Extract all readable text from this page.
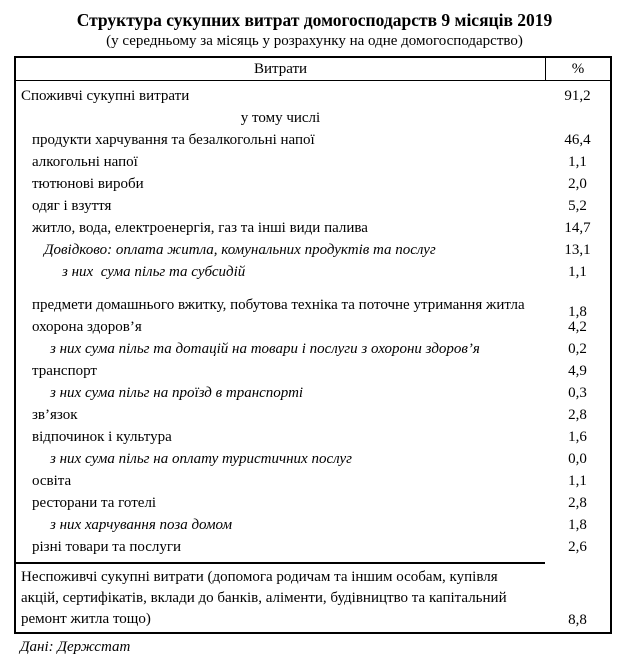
Структура сукупних витрат домогосподарств 9 місяців 2019
(у середньому за місяць у розрахунку на одне домогосподарство)
Витрати	%
Споживчі сукупні витрати	91,2
у тому числі
продукти харчування та безалкогольні напої	46,4
алкогольні напої	1,1
тютюнові вироби	2,0
одяг і взуття	5,2
житло, вода, електроенергія, газ та інші види палива	14,7
Довідково: оплата житла, комунальних продуктів та послуг	13,1
з них  сума пільг та субсидій	1,1
предмети домашнього вжитку, побутова техніка та поточне утримання житла	1,8
охорона здоров’я	4,2
з них сума пільг та дотацій на товари і послуги з охорони здоров’я	0,2
транспорт	4,9
з них сума пільг на проїзд в транспорті	0,3
зв’язок	2,8
відпочинок і культура	1,6
з них сума пільг на оплату туристичних послуг	0,0
освіта	1,1
ресторани та готелі	2,8
з них харчування поза домом	1,8
різні товари та послуги	2,6
Неспоживчі сукупні витрати (допомога родичам та іншим особам, купівля акцій, сертифікатів, вклади до банків, аліменти, будівництво та капітальний ремонт житла тощо)	8,8
Дані: Держстат
